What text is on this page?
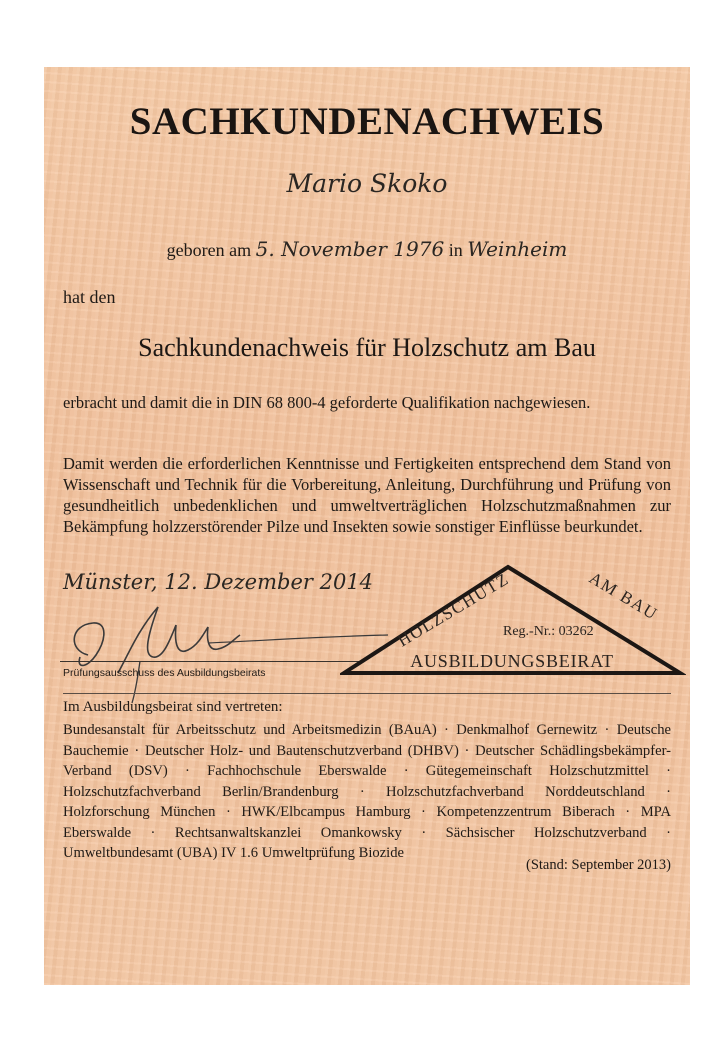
SACHKUNDENACHWEIS
Mario Skoko
geboren am 5. November 1976 in Weinheim
hat den
Sachkundenachweis für Holzschutz am Bau
erbracht und damit die in DIN 68 800-4 geforderte Qualifikation nachgewiesen.
Damit werden die erforderlichen Kenntnisse und Fertigkeiten entsprechend dem Stand von Wissenschaft und Technik für die Vorbereitung, Anleitung, Durchführung und Prüfung von gesundheitlich unbedenklichen und umweltverträglichen Holzschutzmaßnahmen zur Bekämpfung holzzerstörender Pilze und Insekten sowie sonstiger Einflüsse beurkundet.
Münster, 12. Dezember 2014
Prüfungsausschuss des Ausbildungsbeirats
HOLZSCHUTZ	AM BAU
Reg.-Nr.: 03262
AUSBILDUNGSBEIRAT
Im Ausbildungsbeirat sind vertreten:
Bundesanstalt für Arbeitsschutz und Arbeitsmedizin (BAuA) · Denkmalhof Gernewitz · Deutsche Bauchemie · Deutscher Holz- und Bautenschutzverband (DHBV) · Deutscher Schädlingsbekämpfer-Verband (DSV) · Fachhochschule Eberswalde · Gütegemeinschaft Holzschutzmittel · Holzschutzfachverband Berlin/Brandenburg · Holzschutzfachverband Norddeutschland · Holzforschung München · HWK/Elbcampus Hamburg · Kompetenzzentrum Biberach · MPA Eberswalde · Rechtsanwaltskanzlei Omankowsky · Sächsischer Holzschutzverband · Umweltbundesamt (UBA) IV 1.6 Umweltprüfung Biozide
(Stand: September 2013)
